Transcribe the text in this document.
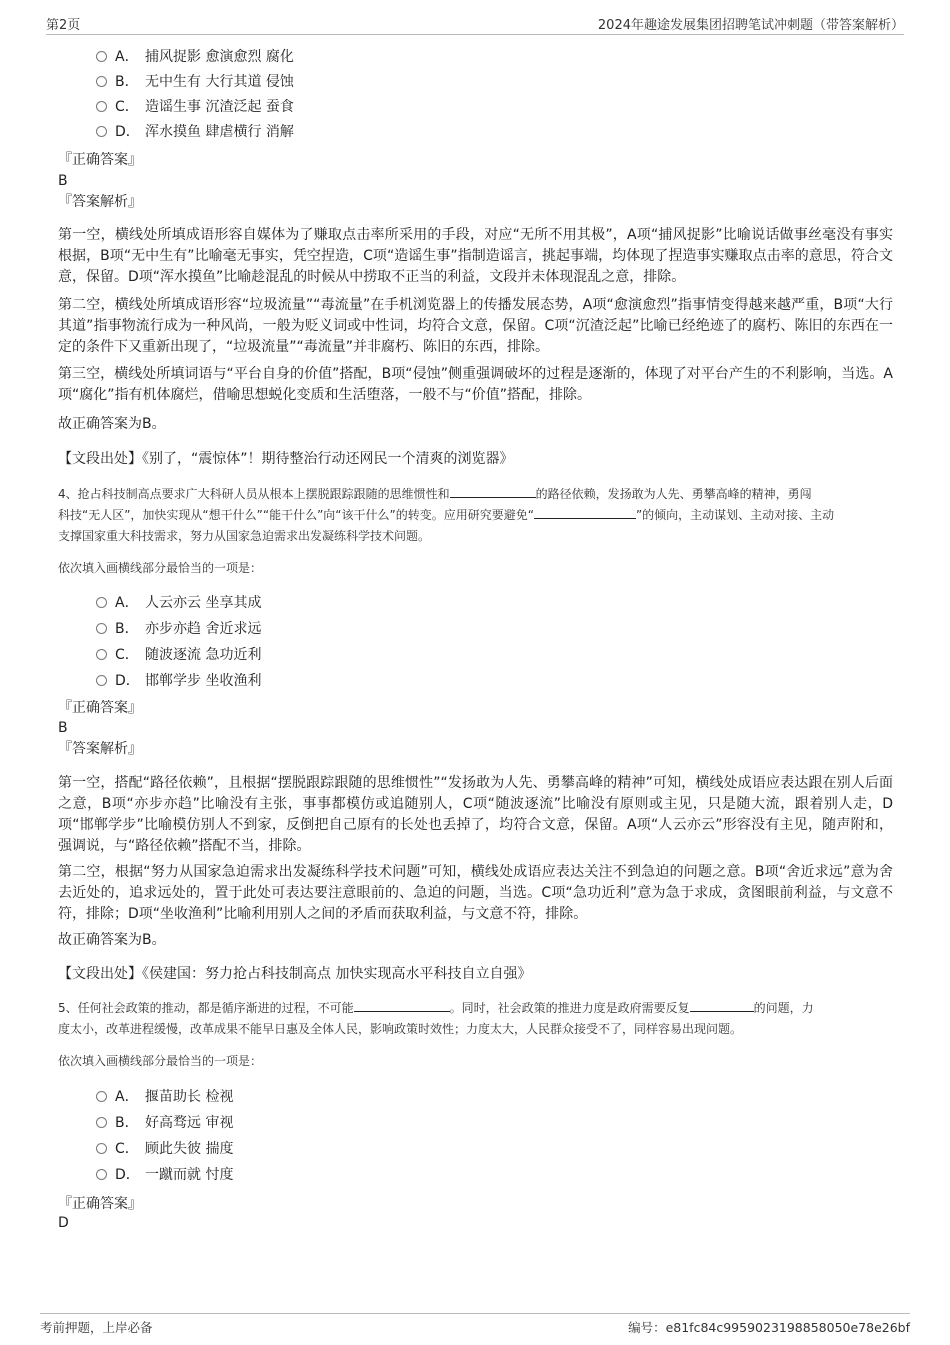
第2页	2024年趣途发展集团招聘笔试冲刺题（带答案解析）
A． 捕风捉影 愈演愈烈 腐化
B． 无中生有 大行其道 侵蚀
C． 造谣生事 沉渣泛起 蚕食
D． 浑水摸鱼 肆虐横行 消解
『正确答案』
B
『答案解析』
第一空，横线处所填成语形容自媒体为了赚取点击率所采用的手段，对应“无所不用其极”，A项“捕风捉影”比喻说话做事丝毫没有事实根据，B项“无中生有”比喻毫无事实，凭空捏造，C项“造谣生事”指制造谣言，挑起事端，均体现了捏造事实赚取点击率的意思，符合文意，保留。D项“浑水摸鱼”比喻趁混乱的时候从中捞取不正当的利益，文段并未体现混乱之意，排除。
第二空，横线处所填成语形容“垃圾流量”“毒流量”在手机浏览器上的传播发展态势，A项“愈演愈烈”指事情变得越来越严重，B项“大行其道”指事物流行成为一种风尚，一般为贬义词或中性词，均符合文意，保留。C项“沉渣泛起”比喻已经绝迹了的腐朽、陈旧的东西在一定的条件下又重新出现了，“垃圾流量”“毒流量”并非腐朽、陈旧的东西，排除。
第三空，横线处所填词语与“平台自身的价值”搭配，B项“侵蚀”侧重强调破坏的过程是逐渐的，体现了对平台产生的不利影响，当选。A项“腐化”指有机体腐烂，借喻思想蜕化变质和生活堕落，一般不与“价值”搭配，排除。
故正确答案为B。
【文段出处】《别了，“震惊体”！期待整治行动还网民一个清爽的浏览器》
4、抢占科技制高点要求广大科研人员从根本上摆脱跟踪跟随的思维惯性和	的路径依赖，发扬敢为人先、勇攀高峰的精神，勇闯
科技“无人区”，加快实现从“想干什么”“能干什么”向“该干什么”的转变。应用研究要避免“	”的倾向，主动谋划、主动对接、主动
支撑国家重大科技需求，努力从国家急迫需求出发凝练科学技术问题。
依次填入画横线部分最恰当的一项是：
A． 人云亦云 坐享其成
B． 亦步亦趋 舍近求远
C． 随波逐流 急功近利
D． 邯郸学步 坐收渔利
『正确答案』
B
『答案解析』
第一空，搭配“路径依赖”，且根据“摆脱跟踪跟随的思维惯性”“发扬敢为人先、勇攀高峰的精神”可知，横线处成语应表达跟在别人后面之意，B项“亦步亦趋”比喻没有主张，事事都模仿或追随别人，C项“随波逐流”比喻没有原则或主见，只是随大流，跟着别人走，D项“邯郸学步”比喻模仿别人不到家，反倒把自己原有的长处也丢掉了，均符合文意，保留。A项“人云亦云”形容没有主见，随声附和，强调说，与“路径依赖”搭配不当，排除。
第二空，根据“努力从国家急迫需求出发凝练科学技术问题”可知，横线处成语应表达关注不到急迫的问题之意。B项“舍近求远”意为舍去近处的，追求远处的，置于此处可表达要注意眼前的、急迫的问题，当选。C项“急功近利”意为急于求成，贪图眼前利益，与文意不符，排除；D项“坐收渔利”比喻利用别人之间的矛盾而获取利益，与文意不符，排除。
故正确答案为B。
【文段出处】《侯建国：努力抢占科技制高点 加快实现高水平科技自立自强》
5、任何社会政策的推动，都是循序渐进的过程，不可能	。同时，社会政策的推进力度是政府需要反复	的问题，力
度太小，改革进程缓慢，改革成果不能早日惠及全体人民，影响政策时效性；力度太大，人民群众接受不了，同样容易出现问题。
依次填入画横线部分最恰当的一项是：
A． 揠苗助长 检视
B． 好高骛远 审视
C． 顾此失彼 揣度
D． 一蹴而就 忖度
『正确答案』
D
考前押题，上岸必备	编号：e81fc84c9959023198858050e78e26bf
